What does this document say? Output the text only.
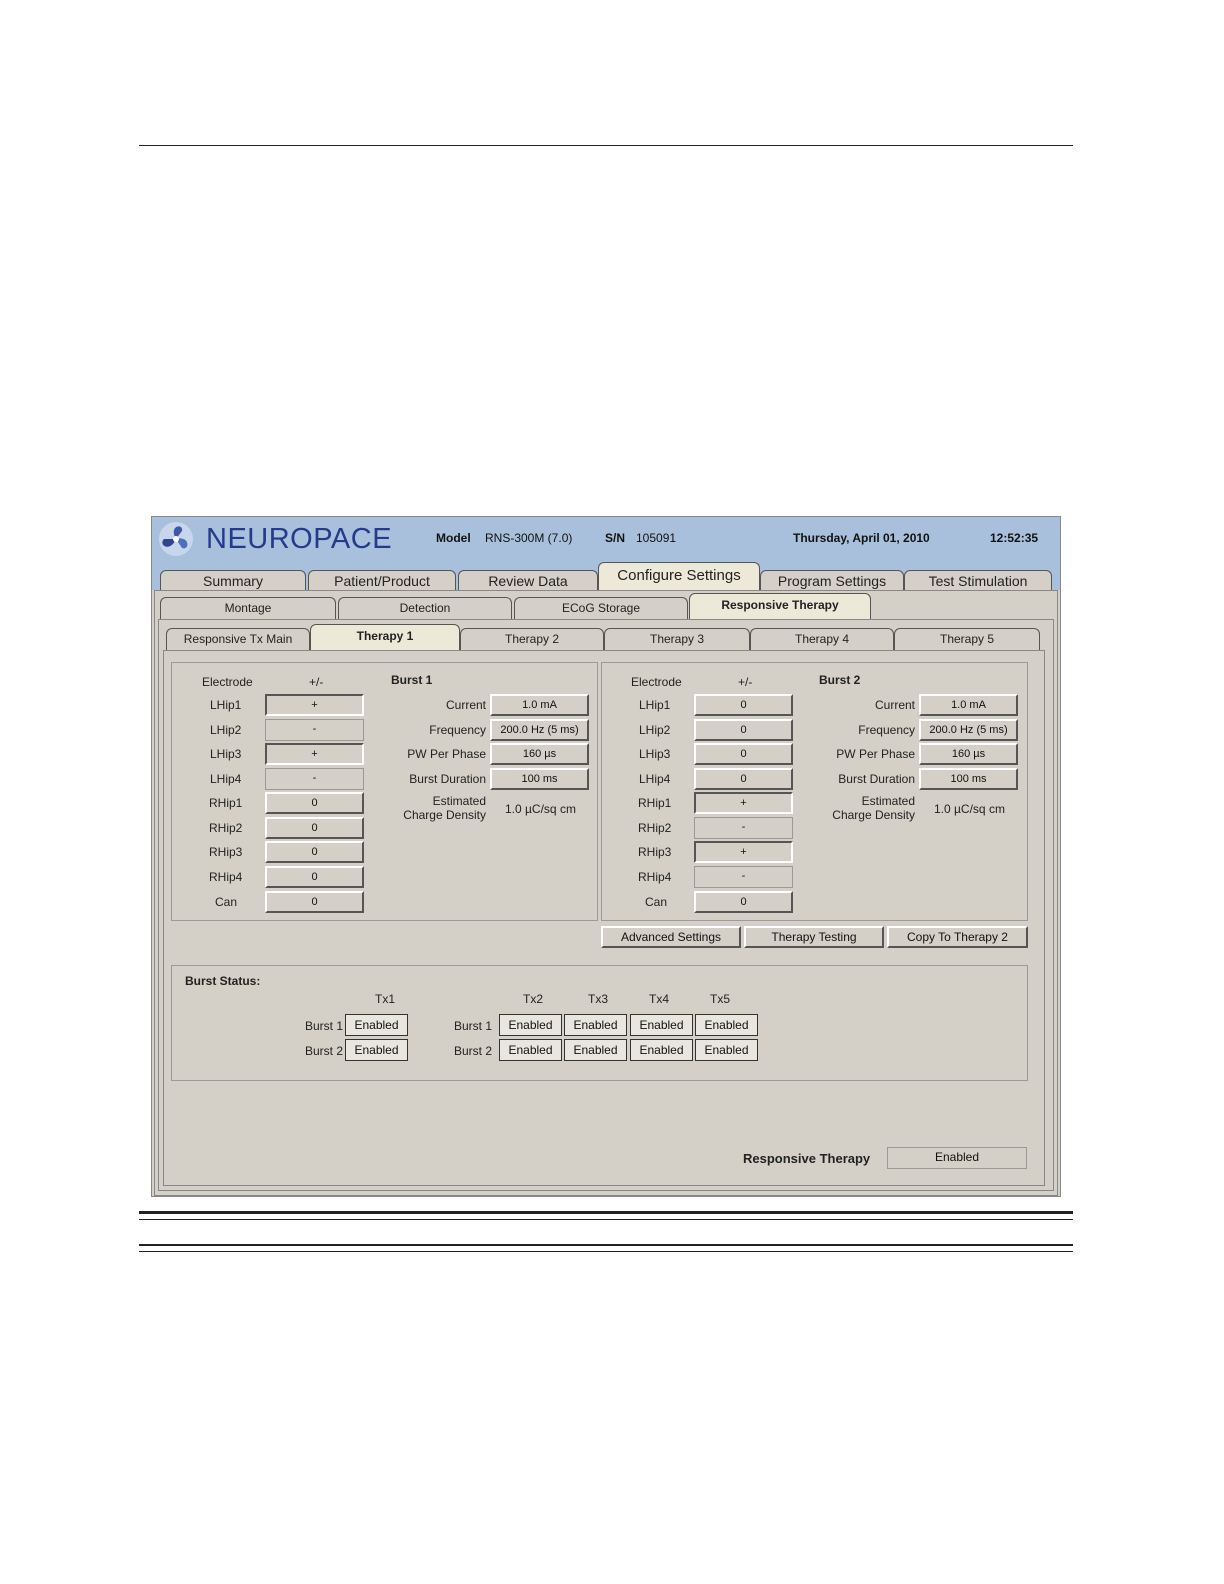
NEUROPACE	Model RNS-300M (7.0)	S/N 105091	Thursday, April 01, 2010	12:52:35
Summary	Patient/Product	Review Data	Configure Settings	Program Settings	Test Stimulation
Montage	Detection	ECoG Storage	Responsive Therapy
Responsive Tx Main	Therapy 1	Therapy 2	Therapy 3	Therapy 4	Therapy 5
Electrode	+/-	Burst 1
LHip1	+
LHip2	-
LHip3	+
LHip4	-
RHip1	0
RHip2	0
RHip3	0
RHip4	0
Can	0
Current	1.0 mA
Frequency	200.0 Hz (5 ms)
PW Per Phase	160 µs
Burst Duration	100 ms
Estimated
Charge Density 1.0 µC/sq cm
Electrode	+/-	Burst 2
LHip1	0
LHip2	0
LHip3	0
LHip4	0
RHip1	+
RHip2	-
RHip3	+
RHip4	-
Can	0
Current	1.0 mA
Frequency	200.0 Hz (5 ms)
PW Per Phase	160 µs
Burst Duration	100 ms
Estimated
Charge Density 1.0 µC/sq cm
Advanced Settings	Therapy Testing	Copy To Therapy 2
Burst Status:
Tx1	Tx2	Tx3	Tx4	Tx5
Burst 1 Enabled
Burst 2 Enabled
Burst 1	Enabled	Enabled	Enabled	Enabled
Burst 2	Enabled	Enabled	Enabled	Enabled
Responsive Therapy	Enabled
